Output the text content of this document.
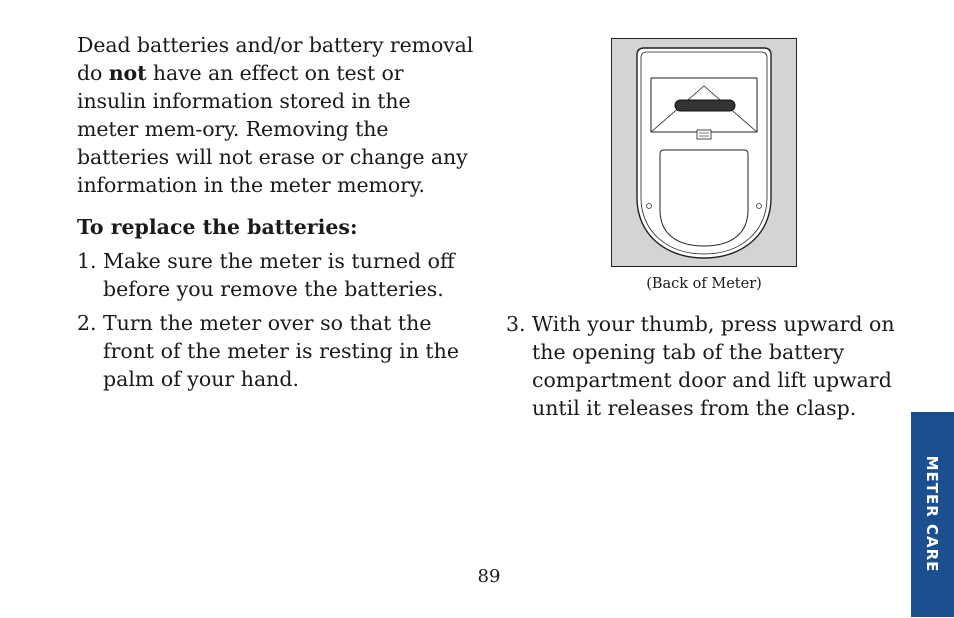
Dead batteries and/or battery removal do not have an effect on test or insulin information stored in the meter mem-ory. Removing the batteries will not erase or change any information in the meter memory.

To replace the batteries:
1. Make sure the meter is turned off before you remove the batteries.
2. Turn the meter over so that the front of the meter is resting in the palm of your hand.
(Back of Meter)
3. With your thumb, press upward on the opening tab of the battery compartment door and lift upward until it releases from the clasp.
89
METER CARE
